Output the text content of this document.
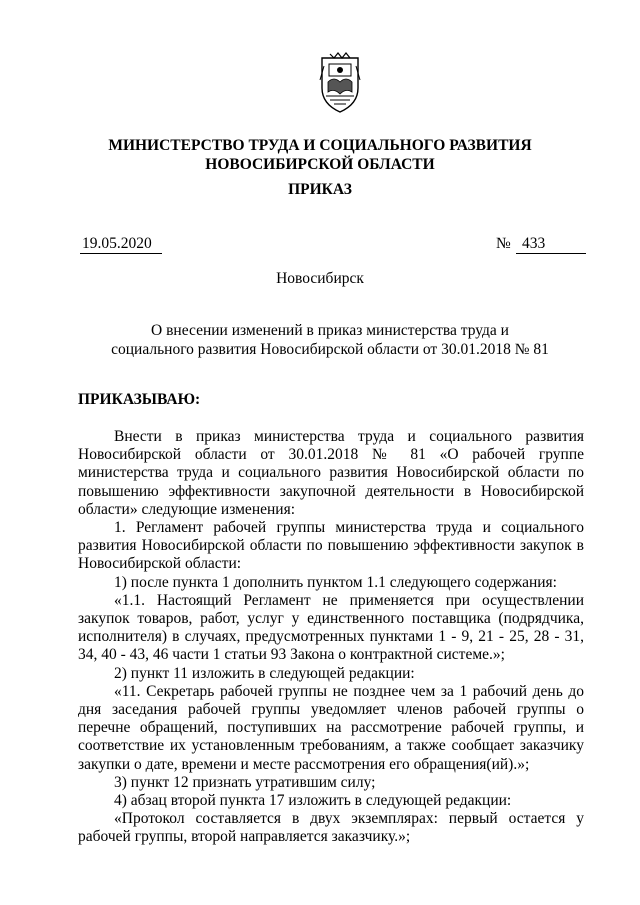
МИНИСТЕРСТВО ТРУДА И СОЦИАЛЬНОГО РАЗВИТИЯ
НОВОСИБИРСКОЙ ОБЛАСТИ
ПРИКАЗ
19.05.2020	№ 433
Новосибирск
О внесении изменений в приказ министерства труда и
социального развития Новосибирской области от 30.01.2018 № 81
ПРИКАЗЫВАЮ:

Внести в приказ министерства труда и социального развития Новосибирской области от 30.01.2018 № 81 «О рабочей группе министерства труда и социального развития Новосибирской области по повышению эффективности закупочной деятельности в Новосибирской области» следующие изменения:

1. Регламент рабочей группы министерства труда и социального развития Новосибирской области по повышению эффективности закупок в Новосибирской области:

1) после пункта 1 дополнить пунктом 1.1 следующего содержания:

«1.1. Настоящий Регламент не применяется при осуществлении закупок товаров, работ, услуг у единственного поставщика (подрядчика, исполнителя) в случаях, предусмотренных пунктами 1 - 9, 21 - 25, 28 - 31, 34, 40 - 43, 46 части 1 статьи 93 Закона о контрактной системе.»;

2) пункт 11 изложить в следующей редакции:

«11. Секретарь рабочей группы не позднее чем за 1 рабочий день до дня заседания рабочей группы уведомляет членов рабочей группы о перечне обращений, поступивших на рассмотрение рабочей группы, и соответствие их установленным требованиям, а также сообщает заказчику закупки о дате, времени и месте рассмотрения его обращения(ий).»;

3) пункт 12 признать утратившим силу;

4) абзац второй пункта 17 изложить в следующей редакции:

«Протокол составляется в двух экземплярах: первый остается у рабочей группы, второй направляется заказчику.»;
